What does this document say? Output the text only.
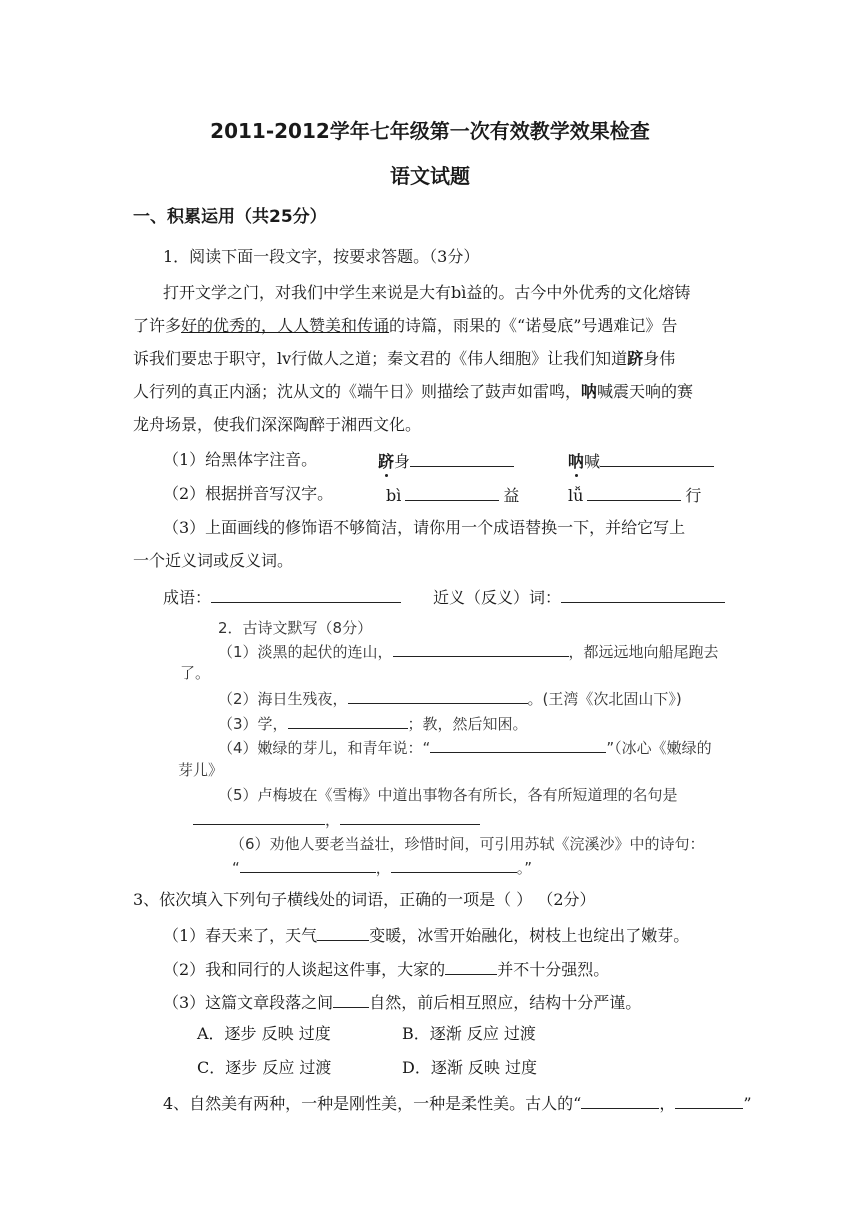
2011-2012学年七年级第一次有效教学效果检查
语文试题
一、积累运用（共25分）
1．阅读下面一段文字，按要求答题。（3分）
打开文学之门，对我们中学生来说是大有bì益的。古今中外优秀的文化熔铸
了许多好的优秀的，人人赞美和传诵的诗篇，雨果的《“诺曼底”号遇难记》告
诉我们要忠于职守，lv行做人之道；秦文君的《伟人细胞》让我们知道跻身伟
人行列的真正内涵；沈从文的《端午日》则描绘了鼓声如雷鸣，呐喊震天响的赛
龙舟场景，使我们深深陶醉于湘西文化。
（1）给黑体字注音。	跻身	呐喊
（2）根据拼音写汉字。	bì	益	lǚ	行
（3）上面画线的修饰语不够简洁，请你用一个成语替换一下，并给它写上
一个近义词或反义词。
成语：	近义（反义）词：
2．古诗文默写（8分）
（1）淡黑的起伏的连山，	，都远远地向船尾跑去
了。
（2）海日生残夜，	。(王湾《次北固山下》)
（3）学，	；教，然后知困。
（4）嫩绿的芽儿，和青年说：“	”（冰心《嫩绿的
芽儿》
（5）卢梅坡在《雪梅》中道出事物各有所长，各有所短道理的名句是
，
（6）劝他人要老当益壮，珍惜时间，可引用苏轼《浣溪沙》中的诗句：
“	，	。”
3、依次填入下列句子横线处的词语，正确的一项是（ ） （2分）
（1）春天来了，天气	变暖，冰雪开始融化，树枝上也绽出了嫩芽。
（2）我和同行的人谈起这件事，大家的	并不十分强烈。
（3）这篇文章段落之间 自然，前后相互照应，结构十分严谨。
A．逐步 反映 过度	B．逐渐 反应 过渡
C．逐步 反应 过渡	D．逐渐 反映 过度
4、自然美有两种，一种是刚性美，一种是柔性美。古人的“	，	”
